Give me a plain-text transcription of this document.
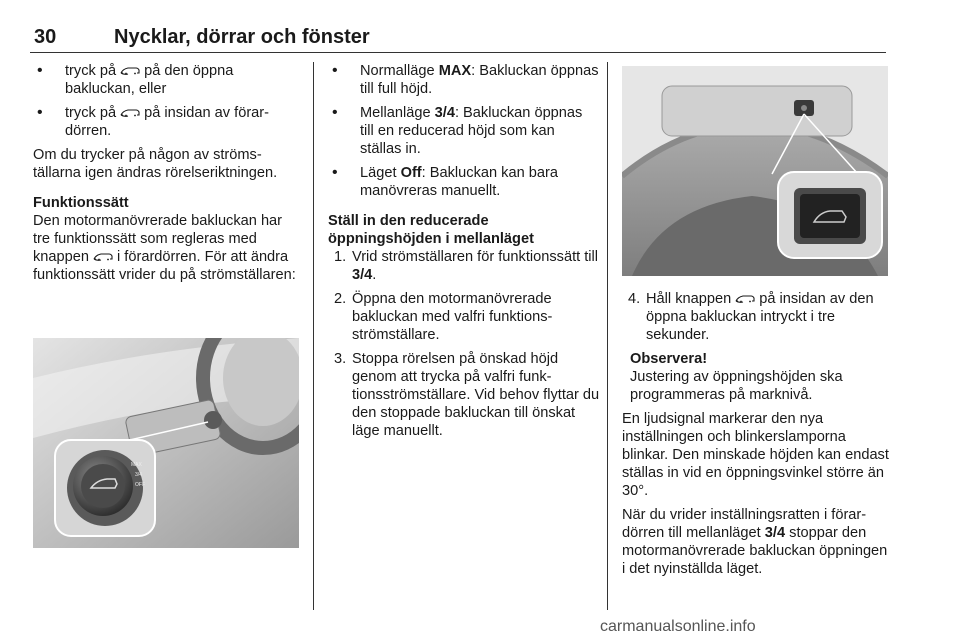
30	Nycklar, dörrar och fönster
• tryck på på den öppna bakluckan, eller
• tryck på på insidan av förardörren.

Om du trycker på någon av strömställarna igen ändras rörelseriktningen.

Funktionssätt

Den motormanövrerade bakluckan har tre funktionssätt som regleras med knappen i förardörren. För att ändra funktionssätt vrider du på strömställaren:

MAX
3/4
OFF
• Normalläge MAX: Bakluckan öppnas till full höjd.
• Mellanläge 3/4: Bakluckan öppnas till en reducerad höjd som kan ställas in.
• Läget Off: Bakluckan kan bara manövreras manuellt.

Ställ in den reducerade öppningshöjden i mellanläget

1. Vrid strömställaren för funktionssätt till 3/4.
2. Öppna den motormanövrerade bakluckan med valfri funktionsströmställare.
3. Stoppa rörelsen på önskad höjd genom att trycka på valfri funktionsströmställare. Vid behov flyttar du den stoppade bakluckan till önskat läge manuellt.
4. Håll knappen på insidan av den öppna bakluckan intryckt i tre sekunder.
Observera!
Justering av öppningshöjden ska programmeras på marknivå.

En ljudsignal markerar den nya inställningen och blinkerslamporna blinkar. Den minskade höjden kan endast ställas in vid en öppningsvinkel större än 30°.

När du vrider inställningsratten i förardörren till mellanläget 3/4 stoppar den motormanövrerade bakluckan öppningen i det nyinställda läget.

carmanualsonline.info
